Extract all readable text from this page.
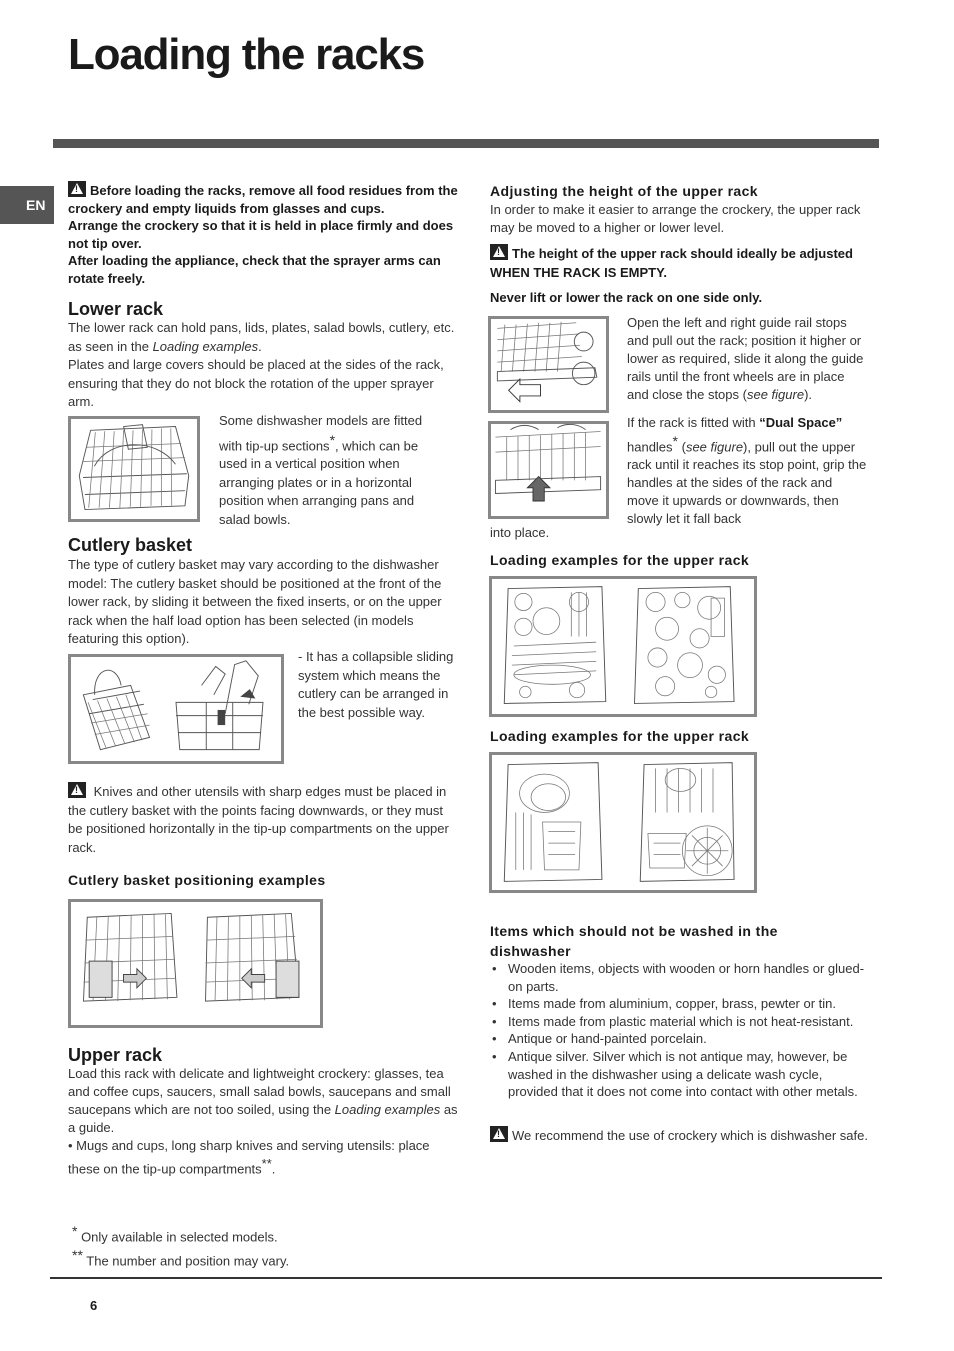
Loading the racks
EN
!Before loading the racks, remove all food residues from the crockery and empty liquids from glasses and cups.
Arrange the crockery so that it is held in place firmly and does not tip over.
After loading the appliance, check that the sprayer arms can rotate freely.
Lower rack
The lower rack can hold pans, lids, plates, salad bowls, cutlery, etc. as seen in the Loading examples.
Plates and large covers should be placed at the sides of the rack, ensuring that they do not block the rotation of the upper sprayer arm.
Some dishwasher models are fitted with tip-up sections*, which can be used in a vertical position when arranging plates or in a horizontal position when arranging pans and salad bowls.
Cutlery basket
The type of cutlery basket may vary according to the dishwasher model: The cutlery basket should be positioned at the front of the lower rack, by sliding it between the fixed inserts, or on the upper rack when the half load option has been selected (in models featuring this option).
- It has a collapsible sliding system which means the cutlery can be arranged in the best possible way.
! Knives and other utensils with sharp edges must be placed in the cutlery basket with the points facing downwards, or they must be positioned horizontally in the tip-up compartments on the upper rack.
Cutlery basket positioning examples
Upper rack
Load this rack with delicate and lightweight crockery: glasses, tea and coffee cups, saucers, small salad bowls, saucepans and small saucepans which are not too soiled, using the Loading examples as a guide.
• Mugs and cups, long sharp knives and serving utensils: place these on the tip-up compartments**.
* Only available in selected models.
** The number and position may vary.
Adjusting the height of the upper rack
In order to make it easier to arrange the crockery, the upper rack may be moved to a higher or lower level.
!The height of the upper rack should ideally be adjusted WHEN THE RACK IS EMPTY.
Never lift or lower the rack on one side only.
Open the left and right guide rail stops and pull out the rack; position it higher or lower as required, slide it along the guide rails until the front wheels are in place and close the stops (see figure).
If the rack is fitted with “Dual Space” handles* (see figure), pull out the upper rack until it reaches its stop point, grip the handles at the sides of the rack and move it upwards or downwards, then slowly let it fall back
into place.
Loading examples for the upper rack
Loading examples for the upper rack
Items which should not be washed in the dishwasher
• Wooden items, objects with wooden or horn handles or glued-on parts.
• Items made from aluminium, copper, brass, pewter or tin.
• Items made from plastic material which is not heat-resistant.
• Antique or hand-painted porcelain.
• Antique silver. Silver which is not antique may, however, be washed in the dishwasher using a delicate wash cycle, provided that it does not come into contact with other metals.
!We recommend the use of crockery which is dishwasher safe.
6
